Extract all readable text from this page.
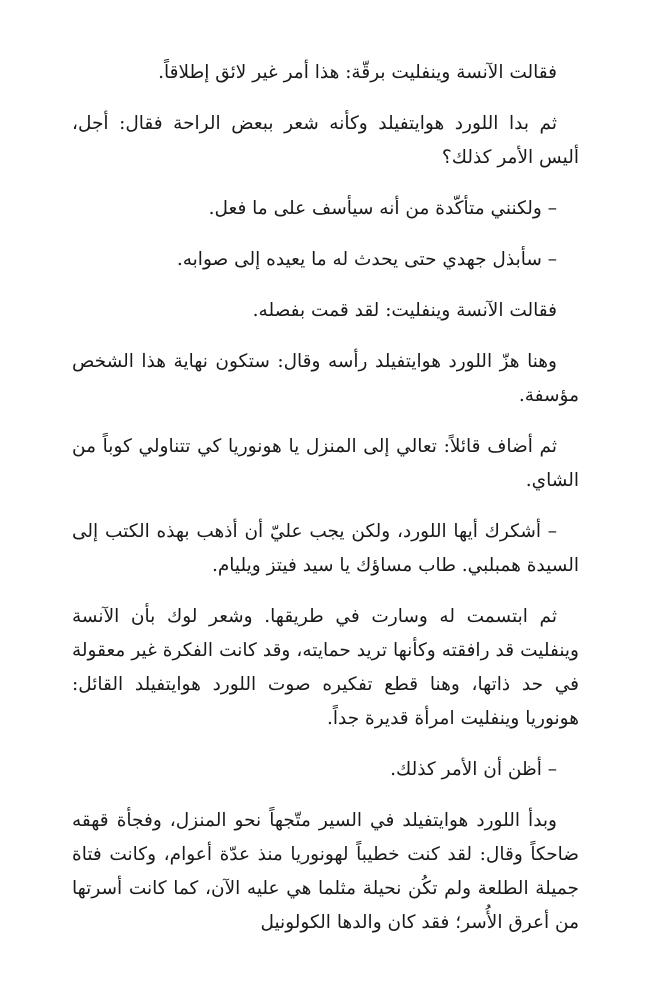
فقالت الآنسة وينفليت برقّة: هذا أمر غير لائق إطلاقاً.

ثم بدا اللورد هوايتفيلد وكأنه شعر ببعض الراحة فقال: أجل، أليس الأمر كذلك؟

– ولكنني متأكّدة من أنه سيأسف على ما فعل.

– سأبذل جهدي حتى يحدث له ما يعيده إلى صوابه.

فقالت الآنسة وينفليت: لقد قمت بفصله.

وهنا هزّ اللورد هوايتفيلد رأسه وقال: ستكون نهاية هذا الشخص مؤسفة.

ثم أضاف قائلاً: تعالي إلى المنزل يا هونوريا كي تتناولي كوباً من الشاي.

– أشكرك أيها اللورد، ولكن يجب عليّ أن أذهب بهذه الكتب إلى السيدة همبلبي. طاب مساؤك يا سيد فيتز ويليام.

ثم ابتسمت له وسارت في طريقها. وشعر لوك بأن الآنسة وينفليت قد رافقته وكأنها تريد حمايته، وقد كانت الفكرة غير معقولة في حد ذاتها، وهنا قطع تفكيره صوت اللورد هوايتفيلد القائل: هونوريا وينفليت امرأة قديرة جداً.

– أظن أن الأمر كذلك.

وبدأ اللورد هوايتفيلد في السير متّجهاً نحو المنزل، وفجأة قهقه ضاحكاً وقال: لقد كنت خطيباً لهونوريا منذ عدّة أعوام، وكانت فتاة جميلة الطلعة ولم تكُن نحيلة مثلما هي عليه الآن، كما كانت أسرتها من أعرق الأُسر؛ فقد كان والدها الكولونيل
